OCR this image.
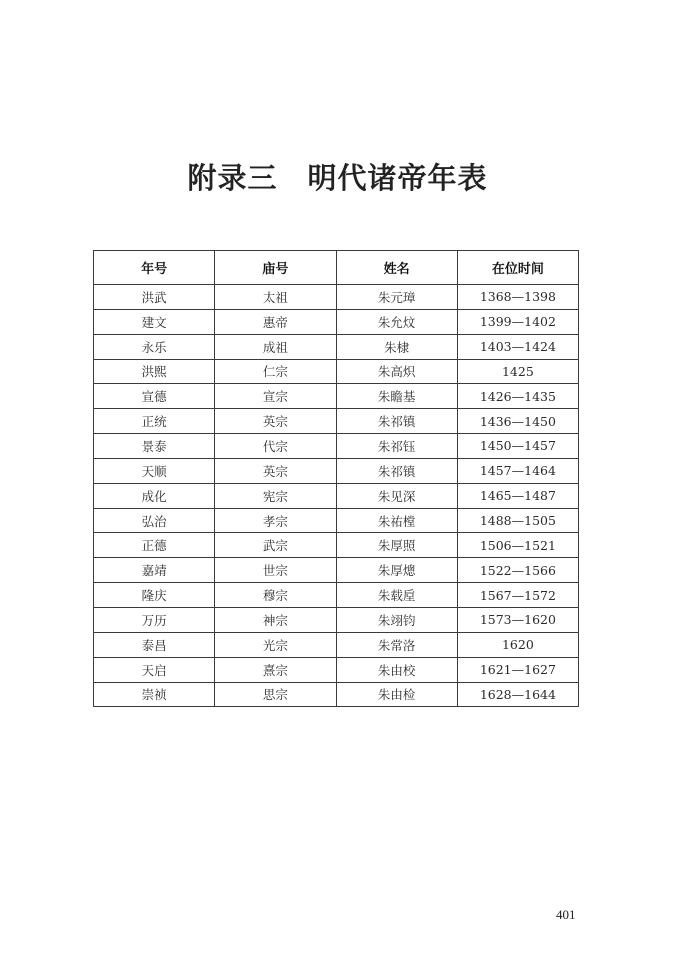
附录三　明代诸帝年表
年号	庙号	姓名	在位时间
洪武	太祖	朱元璋	1368—1398
建文	惠帝	朱允炆	1399—1402
永乐	成祖	朱棣	1403—1424
洪熙	仁宗	朱高炽	1425
宣德	宣宗	朱瞻基	1426—1435
正统	英宗	朱祁镇	1436—1450
景泰	代宗	朱祁钰	1450—1457
天顺	英宗	朱祁镇	1457—1464
成化	宪宗	朱见深	1465—1487
弘治	孝宗	朱祐樘	1488—1505
正德	武宗	朱厚照	1506—1521
嘉靖	世宗	朱厚熜	1522—1566
隆庆	穆宗	朱载垕	1567—1572
万历	神宗	朱翊钧	1573—1620
泰昌	光宗	朱常洛	1620
天启	熹宗	朱由校	1621—1627
崇祯	思宗	朱由检	1628—1644
401
